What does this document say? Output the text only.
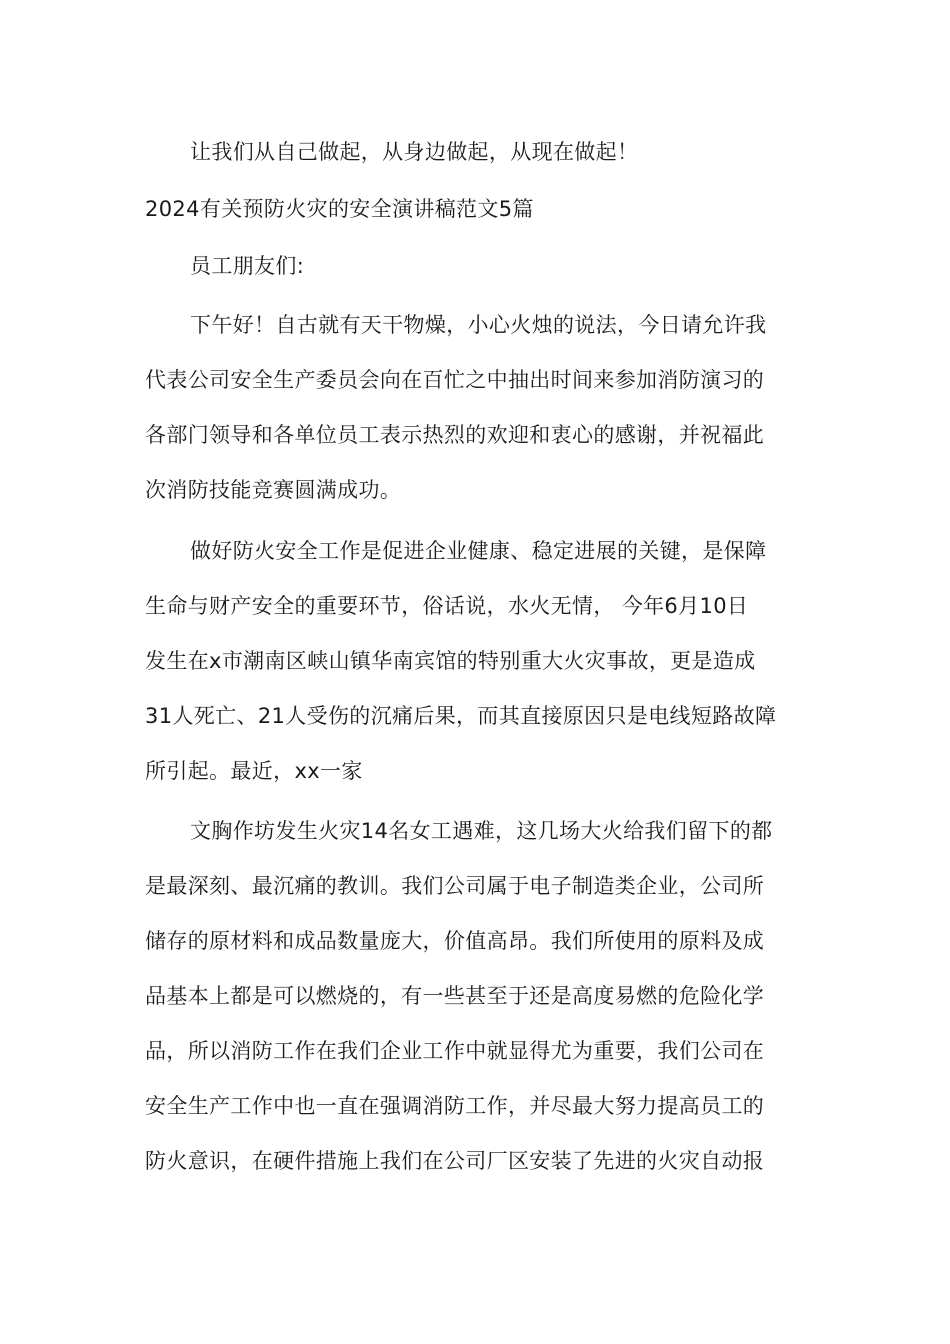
让我们从自己做起，从身边做起，从现在做起！
2024有关预防火灾的安全演讲稿范文5篇
员工朋友们:
下午好！自古就有天干物燥，小心火烛的说法，今日请允许我
代表公司安全生产委员会向在百忙之中抽出时间来参加消防演习的
各部门领导和各单位员工表示热烈的欢迎和衷心的感谢，并祝福此
次消防技能竞赛圆满成功。
做好防火安全工作是促进企业健康、稳定进展的关键，是保障
生命与财产安全的重要环节，俗话说，水火无情， 今年6月10日
发生在x市潮南区峡山镇华南宾馆的特别重大火灾事故，更是造成
31人死亡、21人受伤的沉痛后果，而其直接原因只是电线短路故障
所引起。最近，xx一家
文胸作坊发生火灾14名女工遇难，这几场大火给我们留下的都
是最深刻、最沉痛的教训。我们公司属于电子制造类企业，公司所
储存的原材料和成品数量庞大，价值高昂。我们所使用的原料及成
品基本上都是可以燃烧的，有一些甚至于还是高度易燃的危险化学
品，所以消防工作在我们企业工作中就显得尤为重要，我们公司在
安全生产工作中也一直在强调消防工作，并尽最大努力提高员工的
防火意识，在硬件措施上我们在公司厂区安装了先进的火灾自动报
